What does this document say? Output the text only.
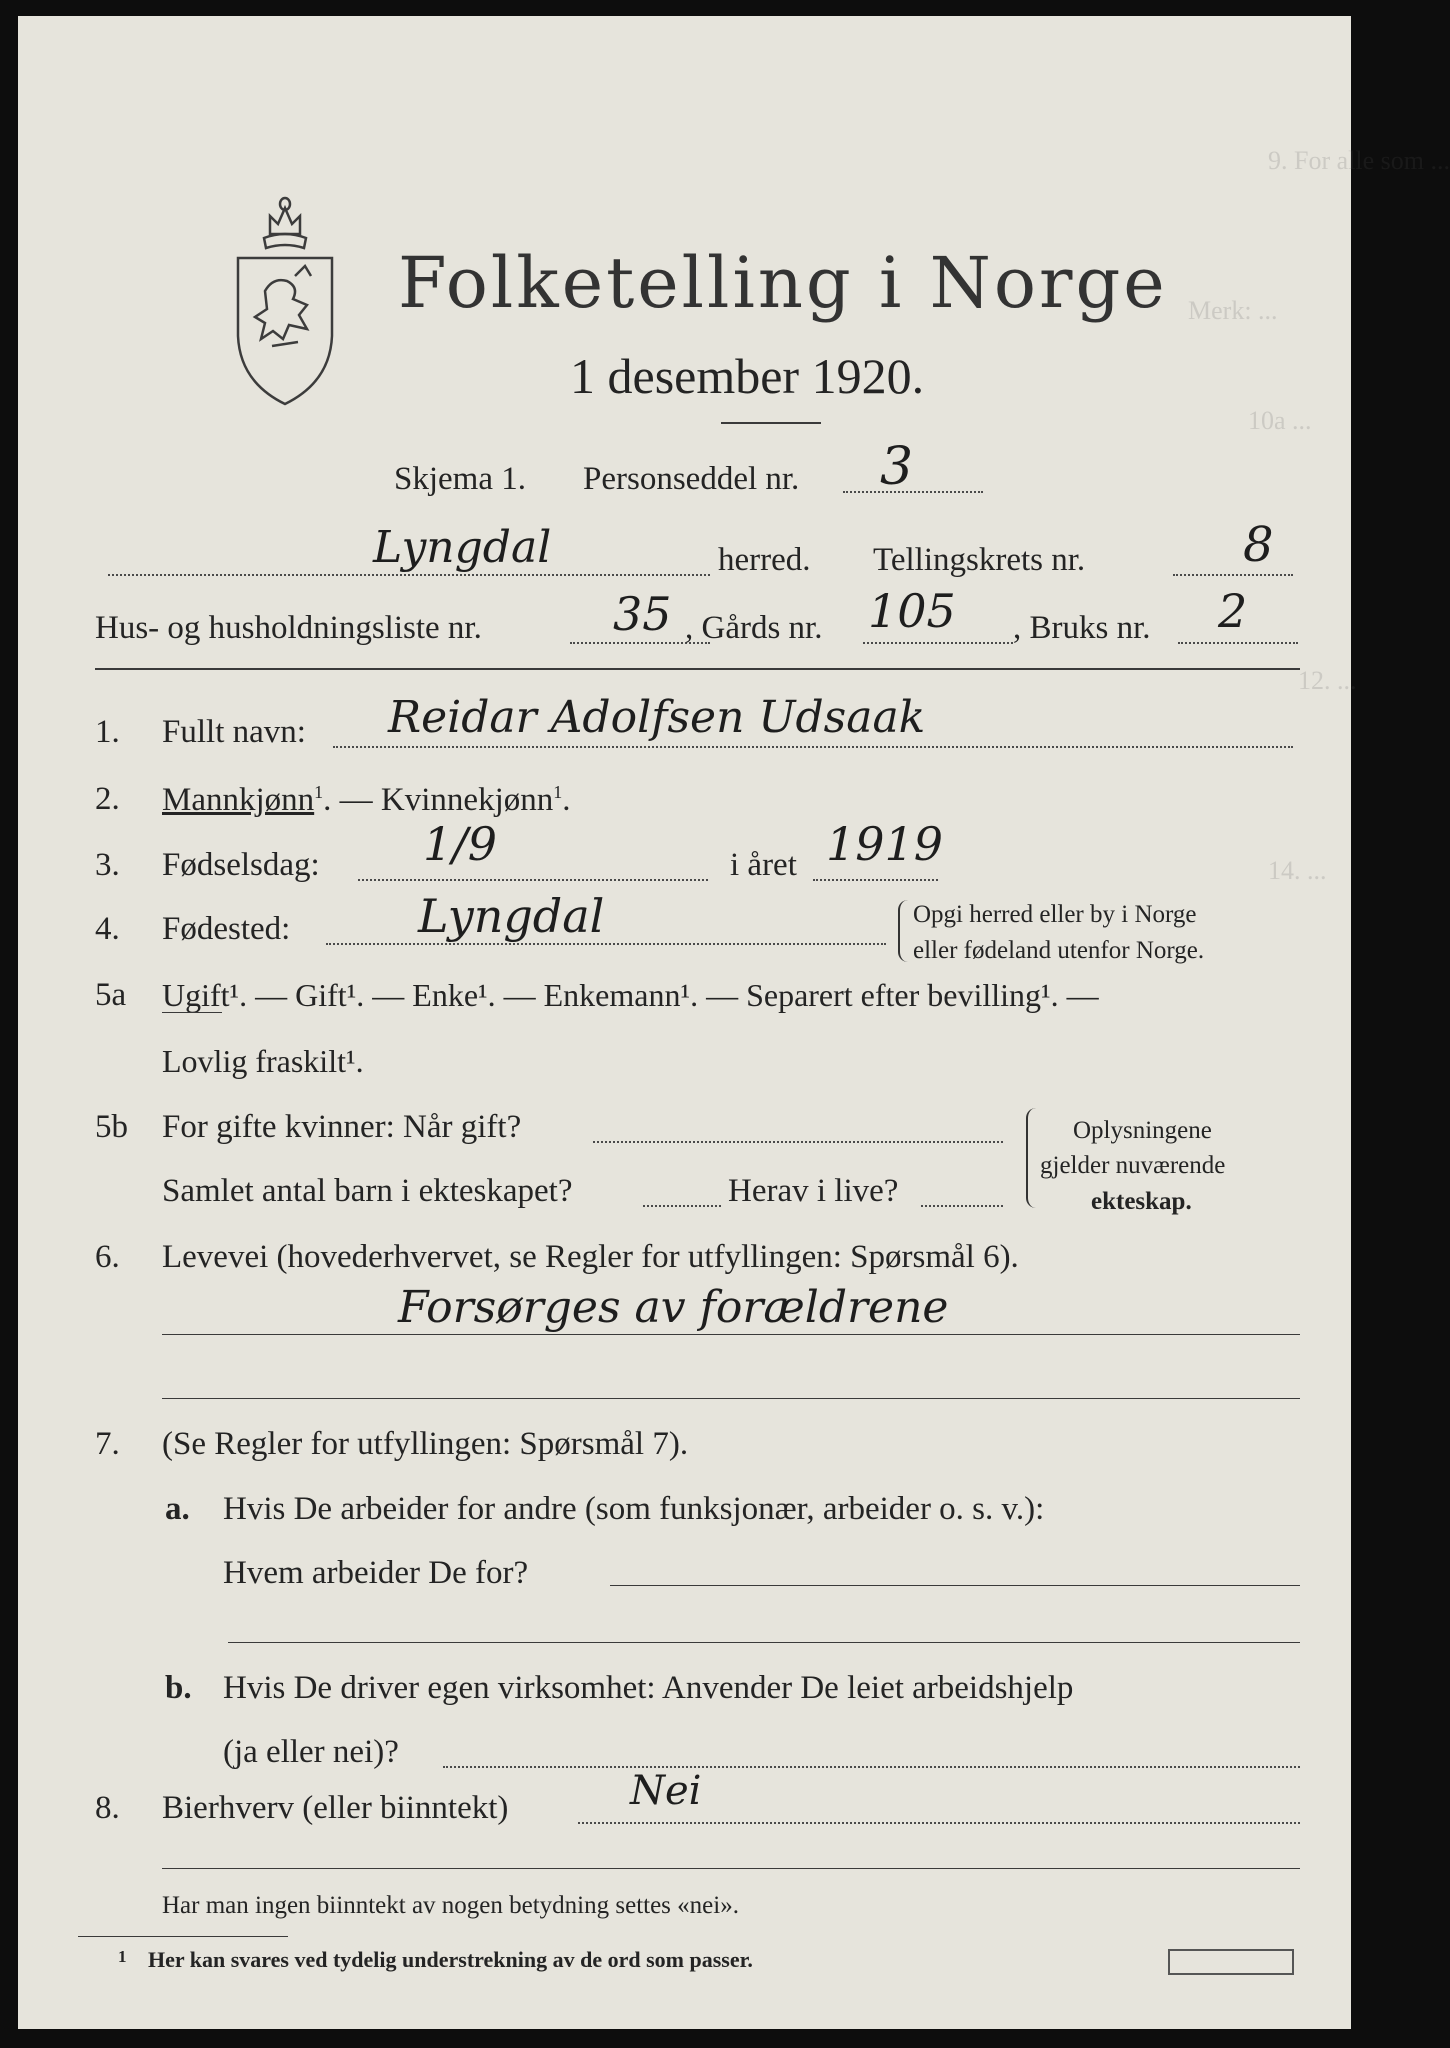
9. For alle som ...
Merk: ...
10a ...
12. ...
14. ...
Folketelling i Norge
1 desember 1920.
Skjema 1. Personseddel nr. 3
Lyngdal	herred. Tellingskrets nr.	8
Hus- og husholdningsliste nr.	35 , Gårds nr. 105 , Bruks nr. 2
1. Fullt navn: Reidar Adolfsen Udsaak
2. Mannkjønn$^1$. — Kvinnekjønn$^1$.
3. Fødselsdag: 1/9	i året 1919
4. Fødested:	Lyngdal	Opgi herred eller by i Norge
eller fødeland utenfor Norge.
5a Ugift¹. — Gift¹. — Enke¹. — Enkemann¹. — Separert efter bevilling¹. —
Lovlig fraskilt¹.
5b For gifte kvinner: Når gift?
Samlet antal barn i ekteskapet?	Herav i live?
Oplysningene
gjelder nuværende
ekteskap.
6. Levevei (hovederhvervet, se Regler for utfyllingen: Spørsmål 6).
Forsørges av forældrene
7. (Se Regler for utfyllingen: Spørsmål 7).
a. Hvis De arbeider for andre (som funksjonær, arbeider o. s. v.):
Hvem arbeider De for?
b. Hvis De driver egen virksomhet: Anvender De leiet arbeidshjelp
(ja eller nei)?
8. Bierhverv (eller biinntekt)	Nei
Har man ingen biinntekt av nogen betydning settes «nei».
1 Her kan svares ved tydelig understrekning av de ord som passer.
